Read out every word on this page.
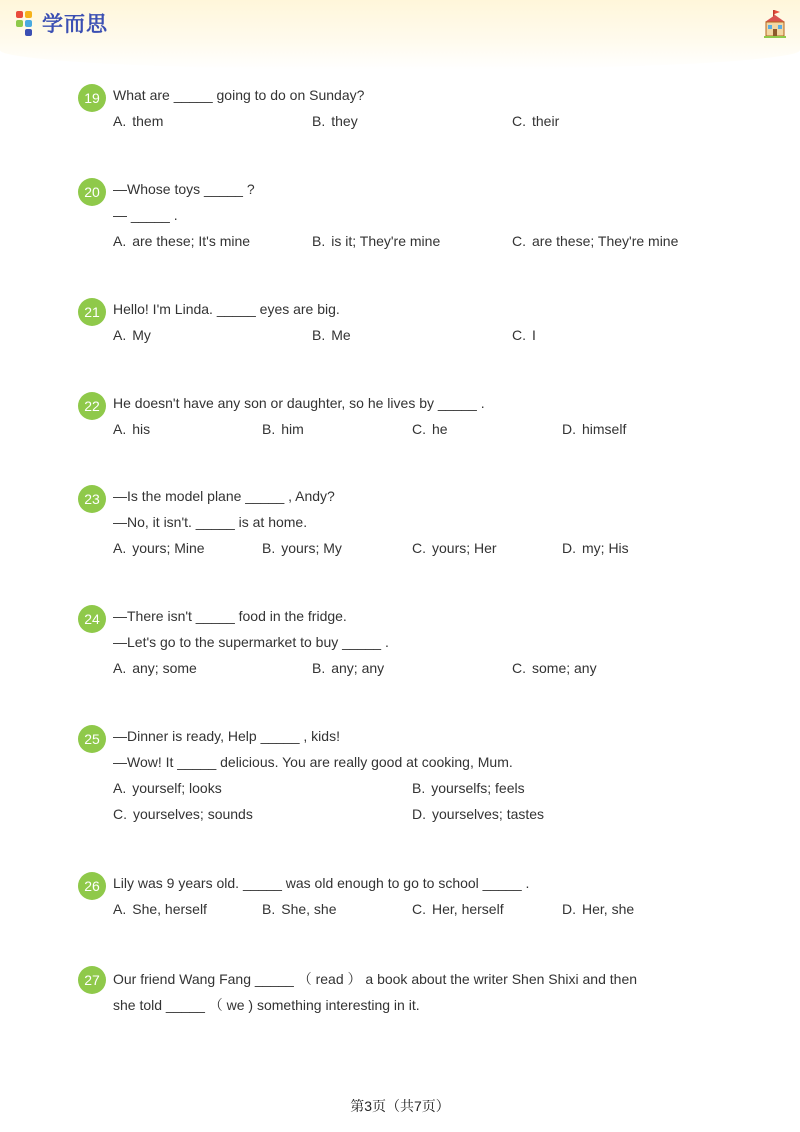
学而思
19 What are _____ going to do on Sunday?
A. them	B. they	C. their
20 —Whose toys _____ ?
— _____ .
A. are these; It's mine	B. is it; They're mine	C. are these; They're mine
21 Hello! I'm Linda. _____ eyes are big.
A. My	B. Me	C. I
22 He doesn't have any son or daughter, so he lives by _____ .
A. his	B. him	C. he	D. himself
23 —Is the model plane _____ , Andy?
—No, it isn't. _____ is at home.
A. yours; Mine	B. yours; My	C. yours; Her	D. my; His
24 —There isn't _____ food in the fridge.
—Let's go to the supermarket to buy _____ .
A. any; some	B. any; any	C. some; any
25 —Dinner is ready, Help _____ , kids!
—Wow! It _____ delicious. You are really good at cooking, Mum.
A. yourself; looks	B. yourselfs; feels
C. yourselves; sounds	D. yourselves; tastes
26 Lily was 9 years old. _____ was old enough to go to school _____ .
A. She, herself	B. She, she	C. Her, herself	D. Her, she
27 Our friend Wang Fang _____ （ read ） a book about the writer Shen Shixi and then
she told _____ （ we ) something interesting in it.
第3页（共7页）
